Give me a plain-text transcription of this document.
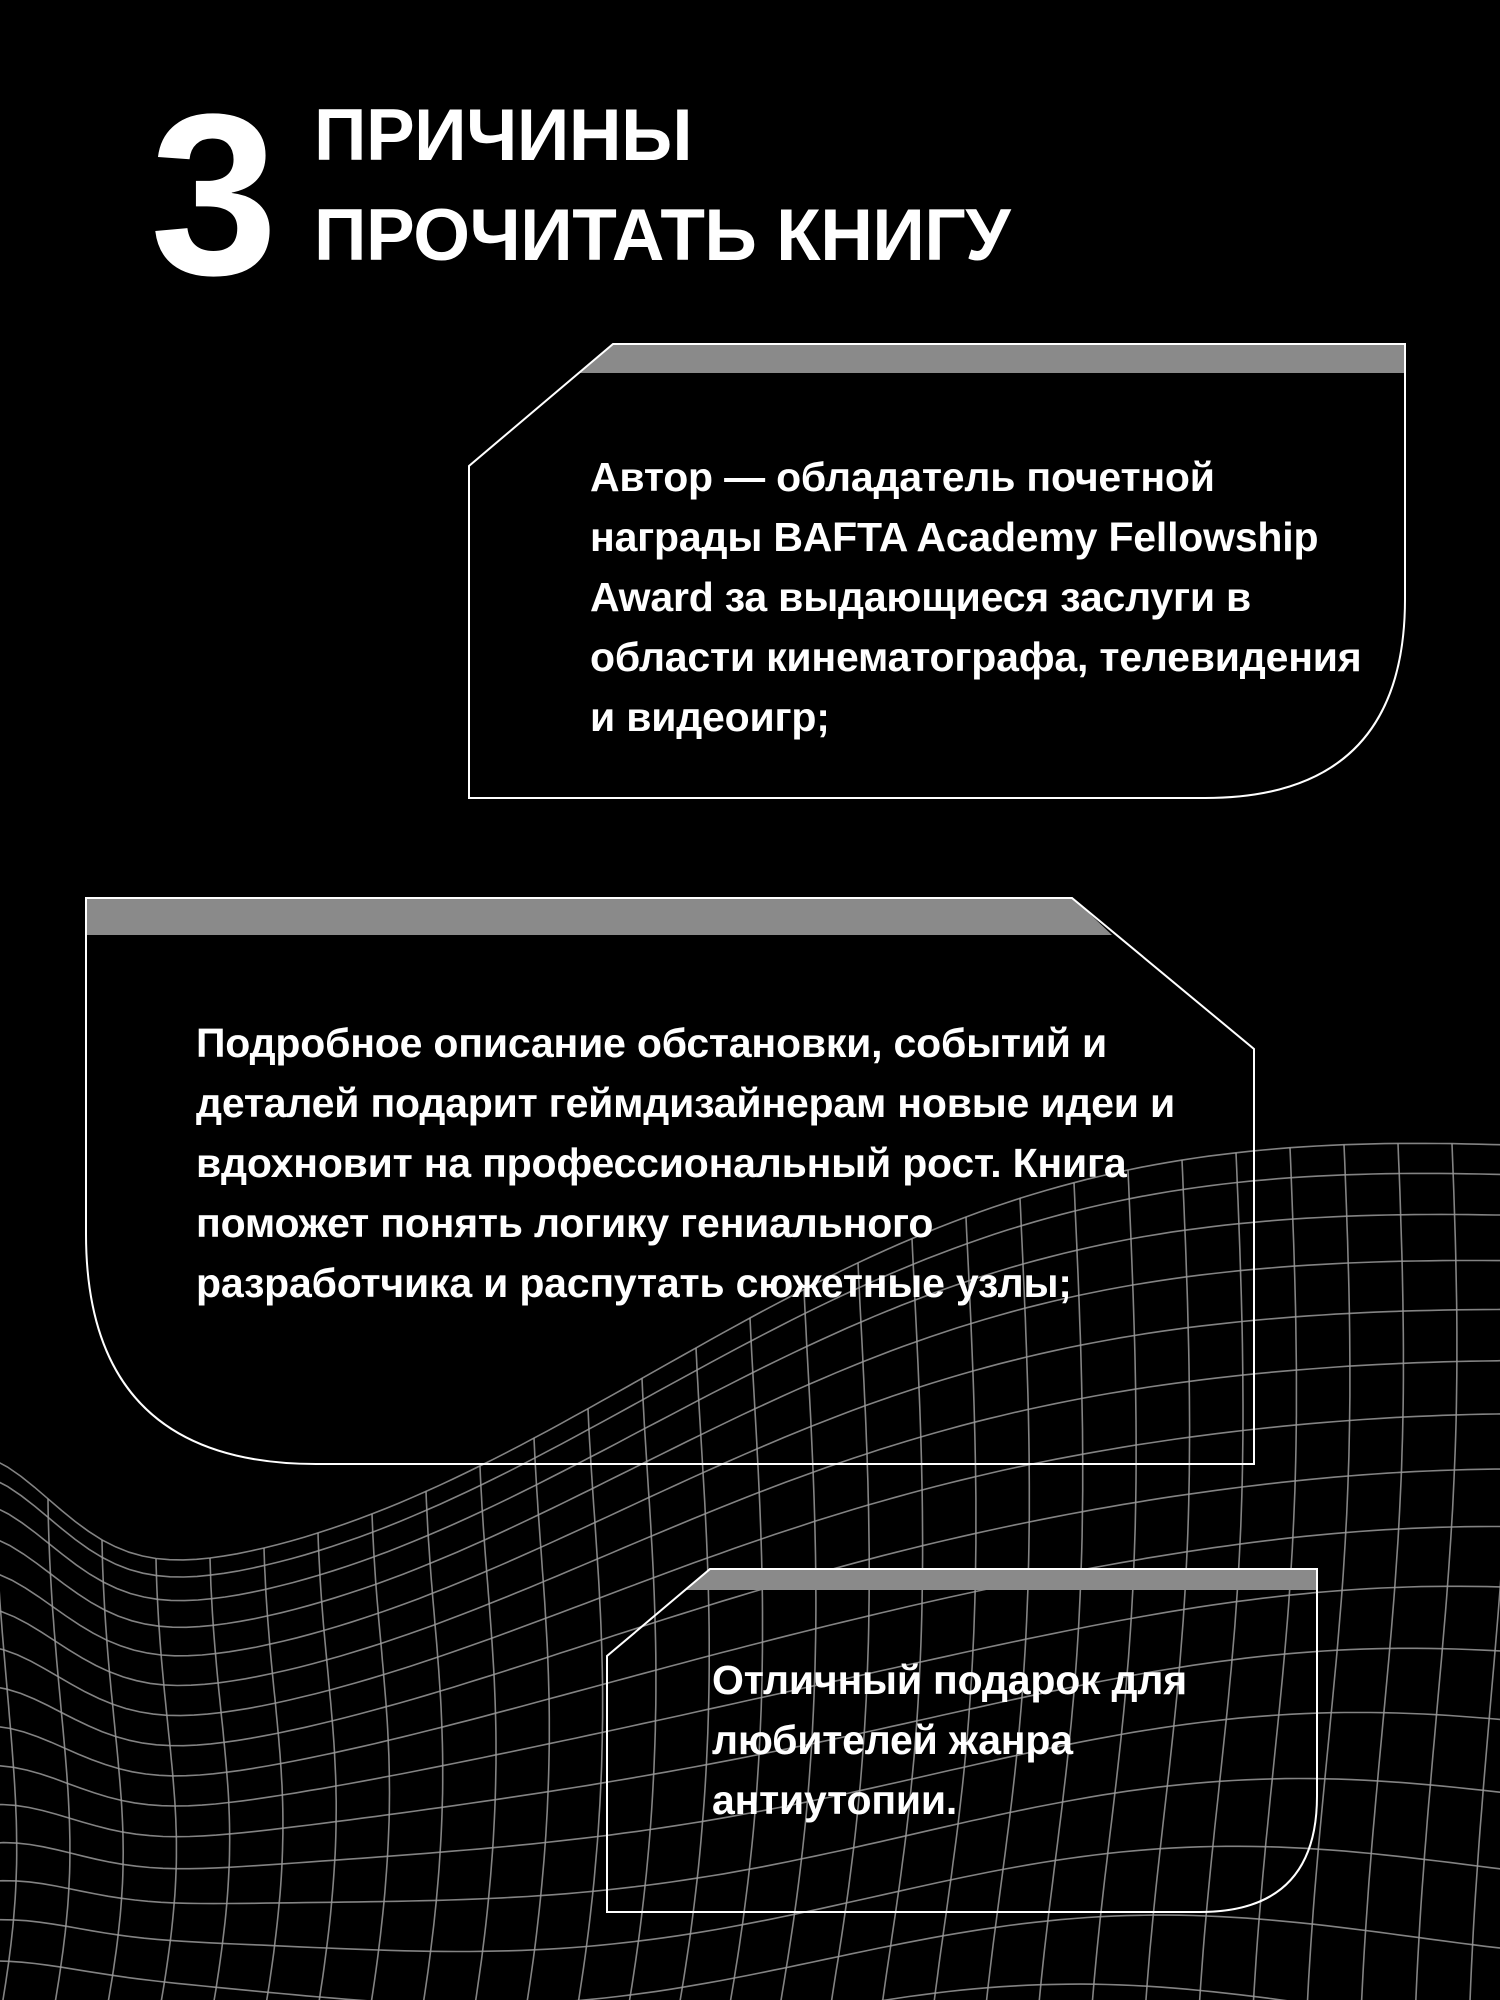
3 ПРИЧИНЫ
ПРОЧИТАТЬ КНИГУ
Автор — обладатель почетной награды BAFTA Academy Fellowship Award за выдающиеся заслуги в области кинематографа, телевидения и видеоигр;
Подробное описание обстановки, событий и деталей подарит геймдизайнерам новые идеи и вдохновит на профессиональный рост. Книга поможет понять логику гениального разработчика и распутать сюжетные узлы;
Отличный подарок для любителей жанра антиутопии.
